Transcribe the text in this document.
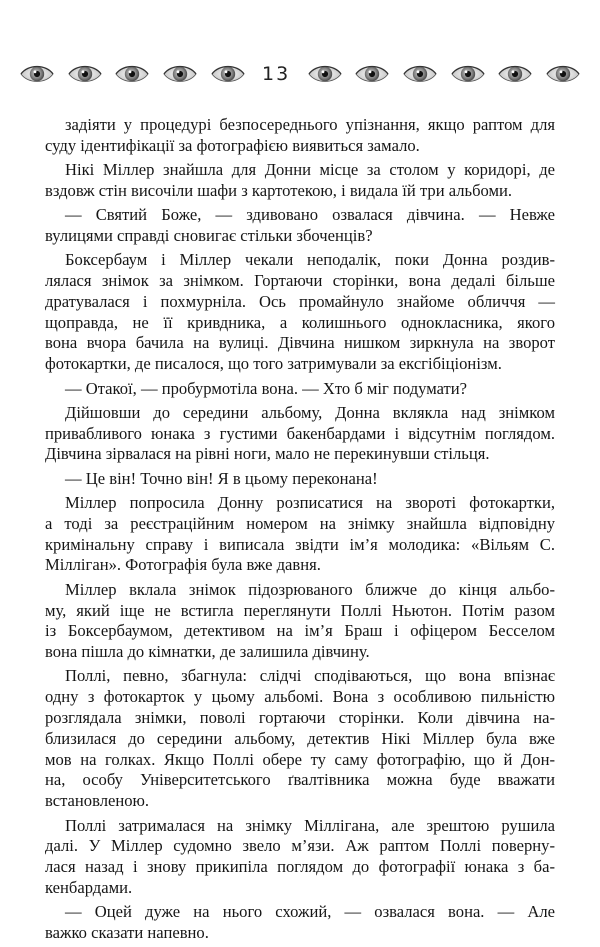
13

задіяти у процедурі безпосереднього упізнання, якщо раптом для
суду ідентифікації за фотографією виявиться замало.

Нікі Міллер знайшла для Донни місце за столом у коридорі, де
вздовж стін височіли шафи з картотекою, і видала їй три альбоми.

— Святий Боже, — здивовано озвалася дівчина. — Невже
вулицями справді сновигає стільки збоченців?

Боксербаум і Міллер чекали неподалік, поки Донна роздив-
лялася знімок за знімком. Гортаючи сторінки, вона дедалі більше
дратувалася і похмурніла. Ось промайнуло знайоме обличчя —
щоправда, не її кривдника, а колишнього однокласника, якого
вона вчора бачила на вулиці. Дівчина нишком зиркнула на зворот
фотокартки, де писалося, що того затримували за ексгібіціонізм.

— Отакої, — пробурмотіла вона. — Хто б міг подумати?

Дійшовши до середини альбому, Донна вклякла над знімком
привабливого юнака з густими бакенбардами і відсутнім поглядом.
Дівчина зірвалася на рівні ноги, мало не перекинувши стільця.

— Це він! Точно він! Я в цьому переконана!

Міллер попросила Донну розписатися на звороті фотокартки,
а тоді за реєстраційним номером на знімку знайшла відповідну
кримінальну справу і виписала звідти ім’я молодика: «Вільям С.
Мілліган». Фотографія була вже давня.

Міллер вклала знімок підозрюваного ближче до кінця альбо-
му, який іще не встигла переглянути Поллі Ньютон. Потім разом
із Боксербаумом, детективом на ім’я Браш і офіцером Бесселом
вона пішла до кімнатки, де залишила дівчину.

Поллі, певно, збагнула: слідчі сподіваються, що вона впізнає
одну з фотокарток у цьому альбомі. Вона з особливою пильністю
розглядала знімки, поволі гортаючи сторінки. Коли дівчина на-
близилася до середини альбому, детектив Нікі Міллер була вже
мов на голках. Якщо Поллі обере ту саму фотографію, що й Дон-
на, особу Університетського ґвалтівника можна буде вважати
встановленою.

Поллі затрималася на знімку Міллігана, але зрештою рушила
далі. У Міллер судомно звело м’язи. Аж раптом Поллі поверну-
лася назад і знову прикипіла поглядом до фотографії юнака з ба-
кенбардами.

— Оцей дуже на нього схожий, — озвалася вона. — Але
важко сказати напевно.
